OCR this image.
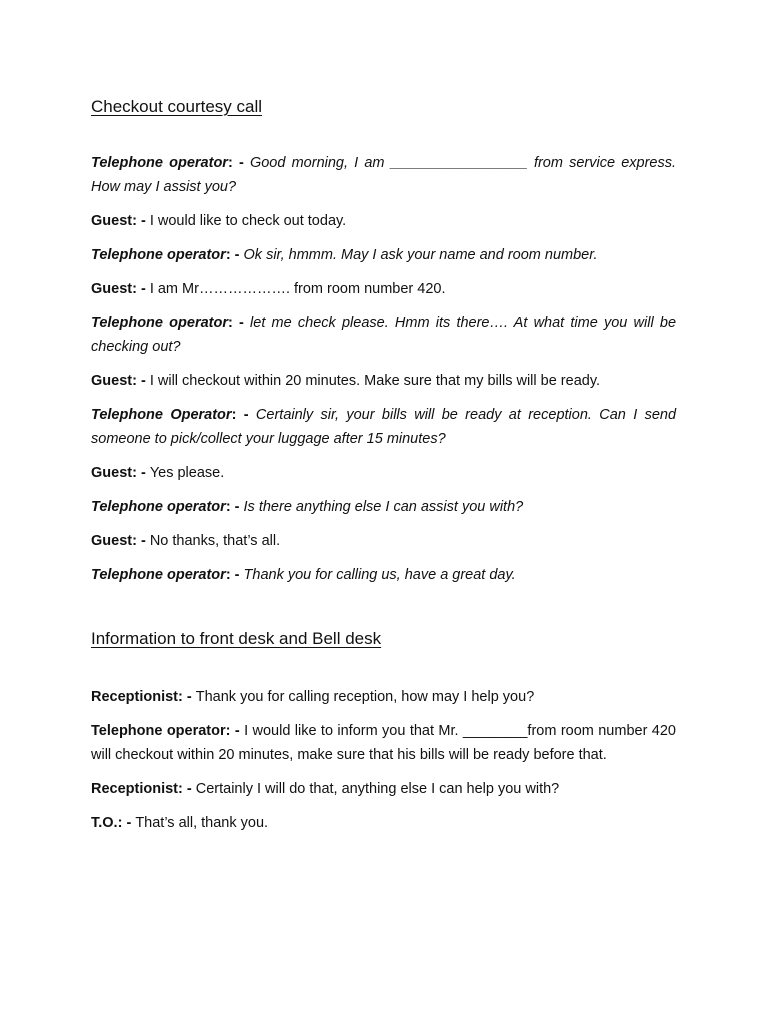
Checkout courtesy call

Telephone operator: - Good morning, I am _________________ from service express. How may I assist you?

Guest: - I would like to check out today.

Telephone operator: - Ok sir, hmmm. May I ask your name and room number.

Guest: - I am Mr………………. from room number 420.

Telephone operator: - let me check please. Hmm its there…. At what time you will be checking out?

Guest: - I will checkout within 20 minutes. Make sure that my bills will be ready.

Telephone Operator: - Certainly sir, your bills will be ready at reception. Can I send someone to pick/collect your luggage after 15 minutes?

Guest: - Yes please.

Telephone operator: - Is there anything else I can assist you with?

Guest: - No thanks, that’s all.

Telephone operator: - Thank you for calling us, have a great day.

Information to front desk and Bell desk

Receptionist: - Thank you for calling reception, how may I help you?

Telephone operator: - I would like to inform you that Mr. ________from room number 420 will checkout within 20 minutes, make sure that his bills will be ready before that.

Receptionist: - Certainly I will do that, anything else I can help you with?

T.O.: - That’s all, thank you.
